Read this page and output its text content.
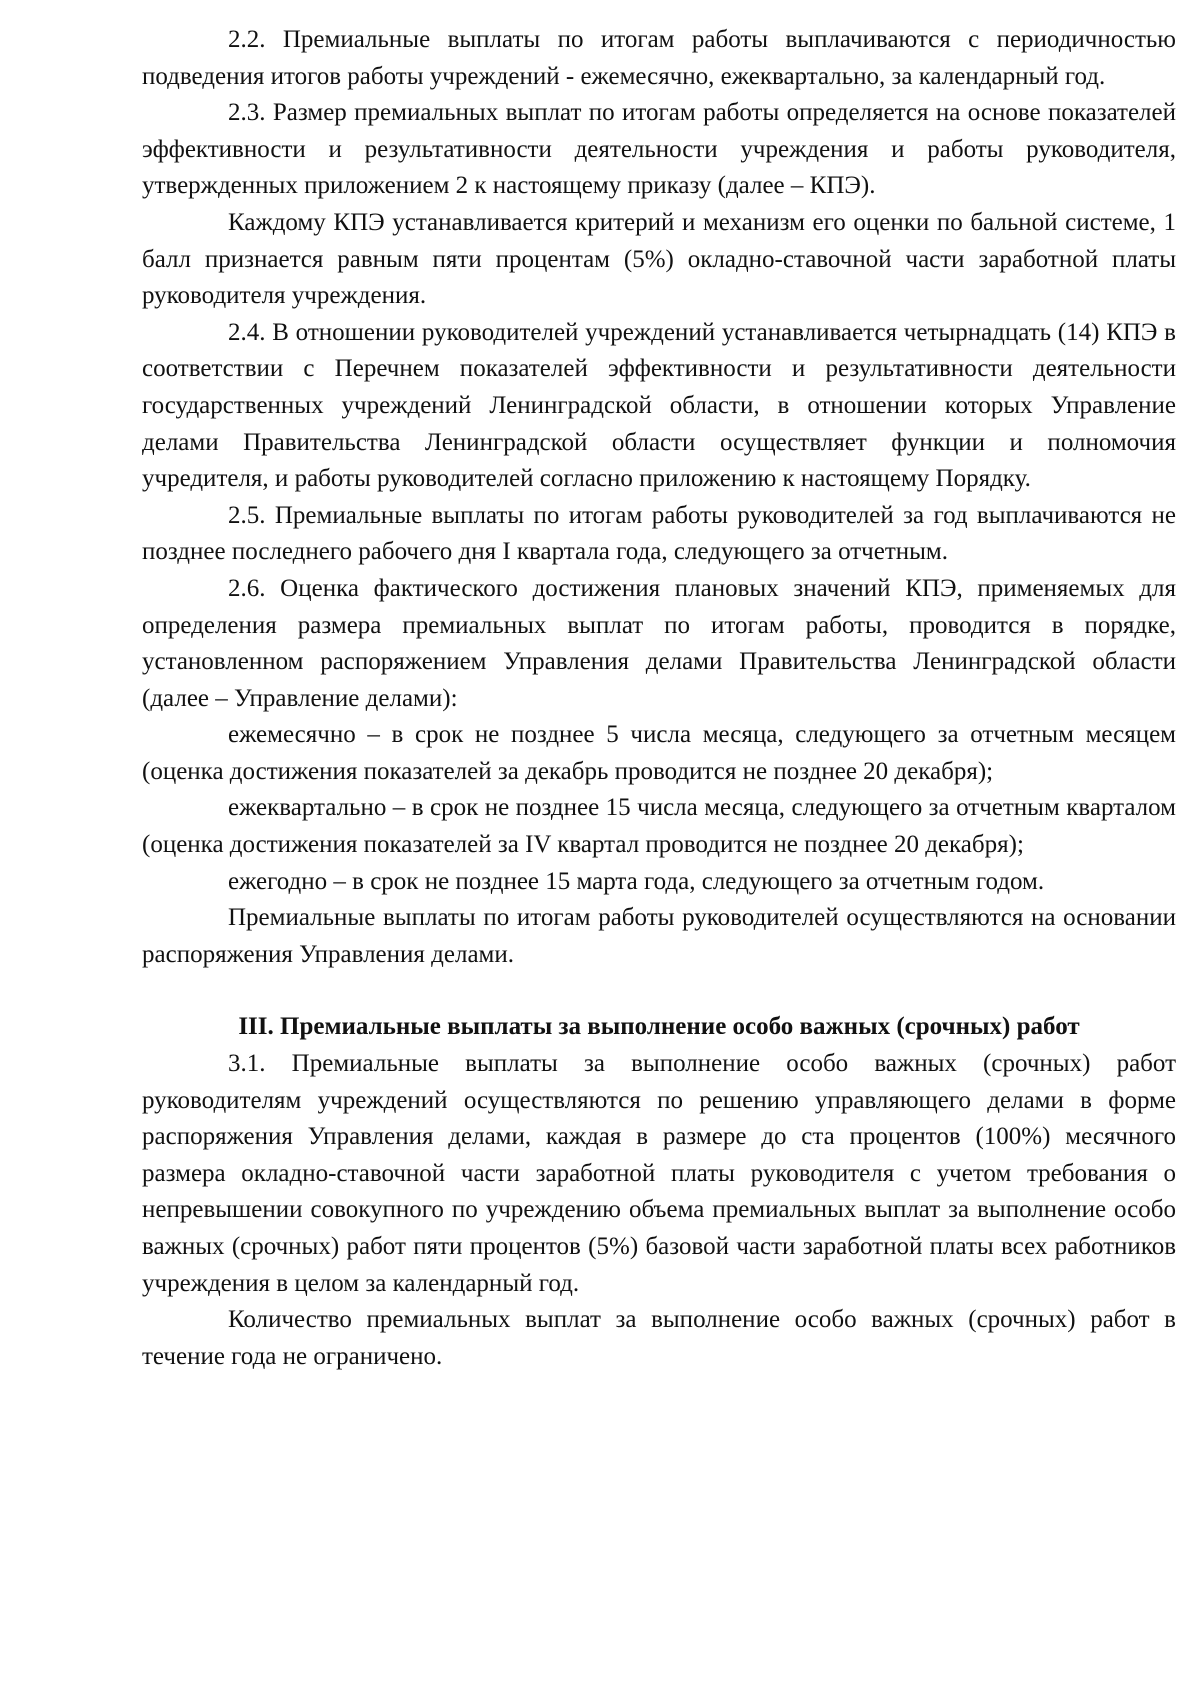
2.2. Премиальные выплаты по итогам работы выплачиваются с периодичностью подведения итогов работы учреждений - ежемесячно, ежеквартально, за календарный год.

2.3. Размер премиальных выплат по итогам работы определяется на основе показателей эффективности и результативности деятельности учреждения и работы руководителя, утвержденных приложением 2 к настоящему приказу (далее – КПЭ).

Каждому КПЭ устанавливается критерий и механизм его оценки по бальной системе, 1 балл признается равным пяти процентам (5%) окладно-ставочной части заработной платы руководителя учреждения.

2.4. В отношении руководителей учреждений устанавливается четырнадцать (14) КПЭ в соответствии с Перечнем показателей эффективности и результативности деятельности государственных учреждений Ленинградской области, в отношении которых Управление делами Правительства Ленинградской области осуществляет функции и полномочия учредителя, и работы руководителей согласно приложению к настоящему Порядку.

2.5. Премиальные выплаты по итогам работы руководителей за год выплачиваются не позднее последнего рабочего дня I квартала года, следующего за отчетным.

2.6. Оценка фактического достижения плановых значений КПЭ, применяемых для определения размера премиальных выплат по итогам работы, проводится в порядке, установленном распоряжением Управления делами Правительства Ленинградской области (далее – Управление делами):

ежемесячно – в срок не позднее 5 числа месяца, следующего за отчетным месяцем (оценка достижения показателей за декабрь проводится не позднее 20 декабря);

ежеквартально – в срок не позднее 15 числа месяца, следующего за отчетным кварталом (оценка достижения показателей за IV квартал проводится не позднее 20 декабря);

ежегодно – в срок не позднее 15 марта года, следующего за отчетным годом.

Премиальные выплаты по итогам работы руководителей осуществляются на основании распоряжения Управления делами.

III. Премиальные выплаты за выполнение особо важных (срочных) работ

3.1. Премиальные выплаты за выполнение особо важных (срочных) работ руководителям учреждений осуществляются по решению управляющего делами в форме распоряжения Управления делами, каждая в размере до ста процентов (100%) месячного размера окладно-ставочной части заработной платы руководителя с учетом требования о непревышении совокупного по учреждению объема премиальных выплат за выполнение особо важных (срочных) работ пяти процентов (5%) базовой части заработной платы всех работников учреждения в целом за календарный год.

Количество премиальных выплат за выполнение особо важных (срочных) работ в течение года не ограничено.
